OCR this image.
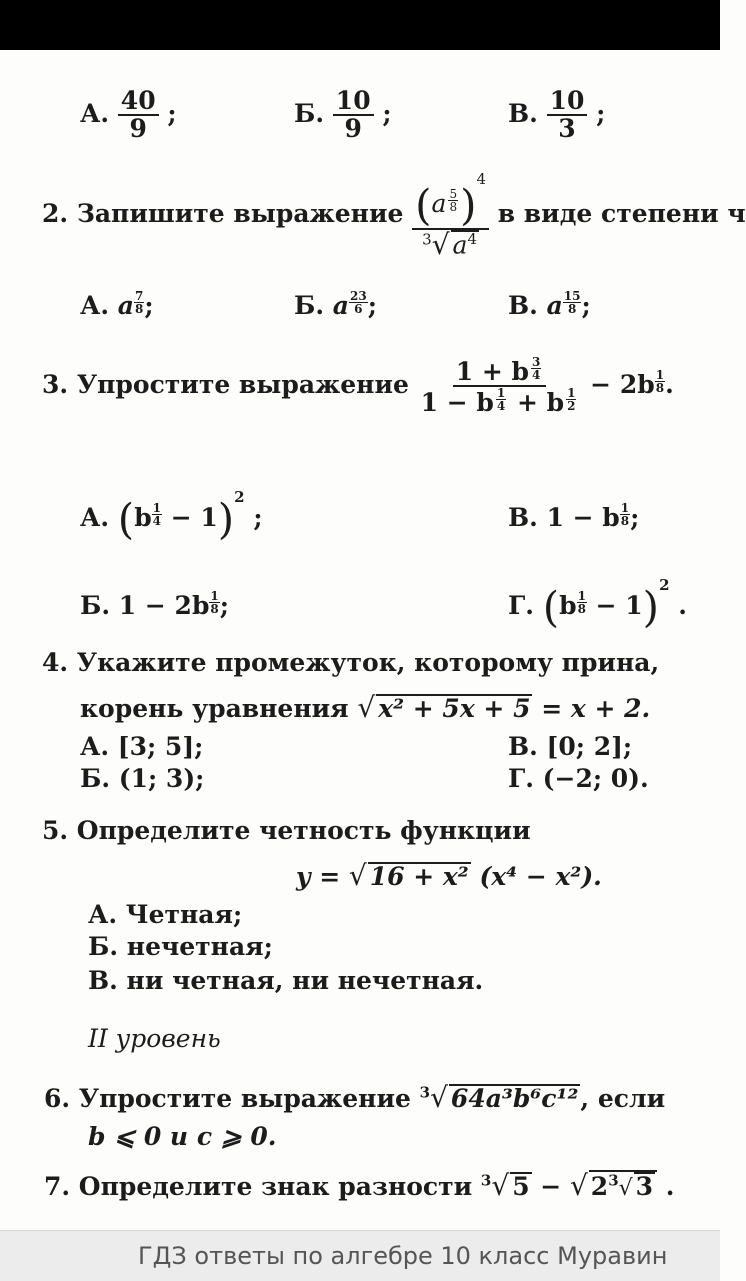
А. $\frac{40}{9}$ ;	Б. $\frac{10}{9}$ ;	В. $\frac{10}{3}$ ;
2. Запишите выражение $\frac{(a \frac{5}{8} )^4}{^3√ a^4}$ в виде степени ч
А. a $\frac{7}{8}$ ;	Б. a $\frac{23}{6}$ ;	В. a $\frac{15}{8}$ ;
3. Упростите выражение $\frac{1 + b \frac{3}{4}}{1 - b \frac{1}{4} + b \frac{1}{2}} - 2b \frac{1}{8}$ .
А. $(b \frac{1}{4} - 1)^2$ ;	В. 1 − b $\frac{1}{8}$ ;
Б. $1 - 2b \frac{1}{8}$ ;	Г. $(b \frac{1}{8} - 1)^2$ .
4. Укажите промежуток, которому прина,
корень уравнения √ x² + 5x + 5 = x + 2.
А. [3; 5];	В. [0; 2];
Б. (1; 3);	Г. (−2; 0).
5. Определите четность функции
y = √ 16 + x² (x⁴ − x²).
А. Четная;
Б. нечетная;
В. ни четная, ни нечетная.
II уровень
6. Упростите выражение $^3$√ 64a³b⁶c¹², если
b ⩽ 0 и c ⩾ 0.
7. Определите знак разности $^3$√ 5 − √ $2^3√$ 3 .
ГДЗ ответы по алгебре 10 класс Муравин
